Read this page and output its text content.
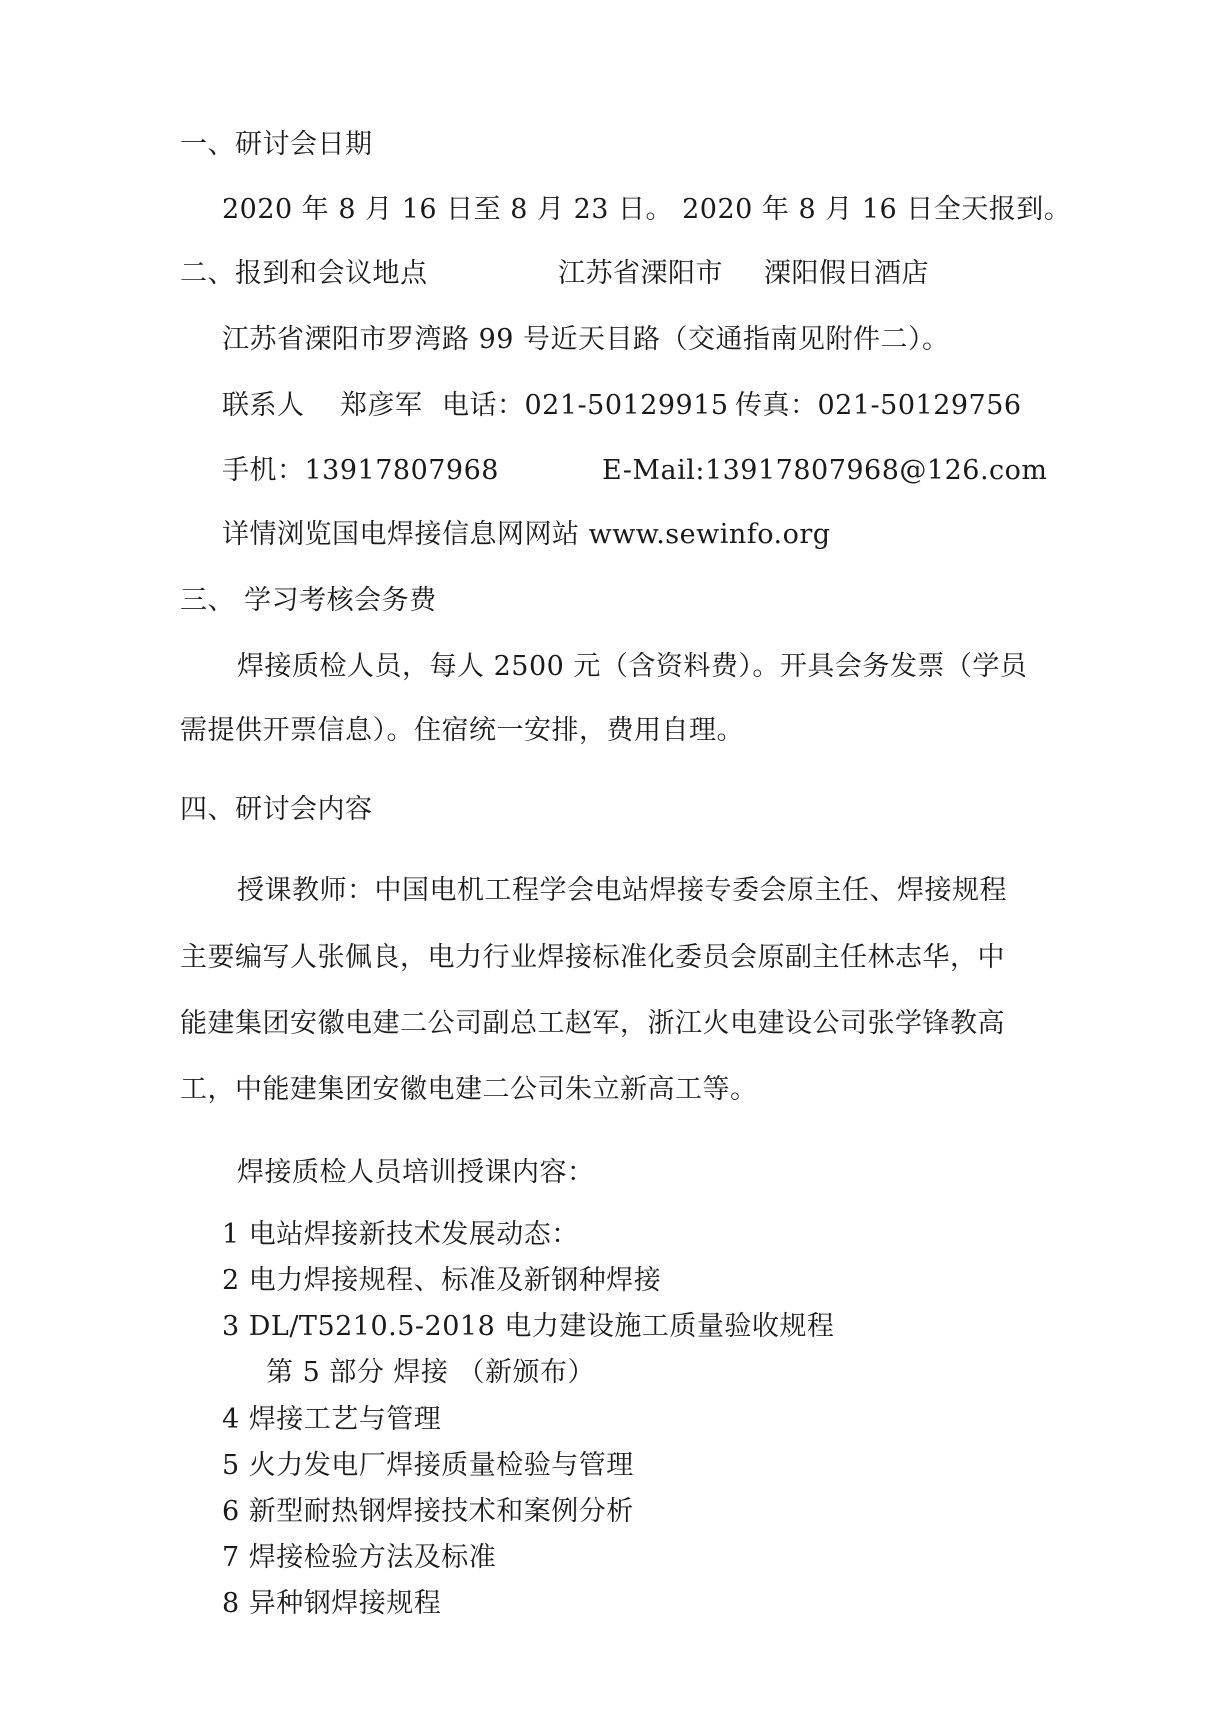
一、研讨会日期
2020 年 8 月 16 日至 8 月 23 日。 2020 年 8 月 16 日全天报到。
二、报到和会议地点	江苏省溧阳市 溧阳假日酒店
江苏省溧阳市罗湾路 99 号近天目路（交通指南见附件二）。
联系人 郑彦军 电话：021-50129915 传真：021-50129756
手机：13917807968	E-Mail:13917807968@126.com
详情浏览国电焊接信息网网站 www.sewinfo.org
三、 学习考核会务费
焊接质检人员，每人 2500 元（含资料费）。开具会务发票（学员
需提供开票信息）。住宿统一安排，费用自理。
四、研讨会内容
授课教师：中国电机工程学会电站焊接专委会原主任、焊接规程
主要编写人张佩良，电力行业焊接标准化委员会原副主任林志华，中
能建集团安徽电建二公司副总工赵军，浙江火电建设公司张学锋教高
工，中能建集团安徽电建二公司朱立新高工等。
焊接质检人员培训授课内容：
1 电站焊接新技术发展动态：
2 电力焊接规程、标准及新钢种焊接
3 DL/T5210.5-2018 电力建设施工质量验收规程
第 5 部分 焊接 （新颁布）
4 焊接工艺与管理
5 火力发电厂焊接质量检验与管理
6 新型耐热钢焊接技术和案例分析
7 焊接检验方法及标准
8 异种钢焊接规程
